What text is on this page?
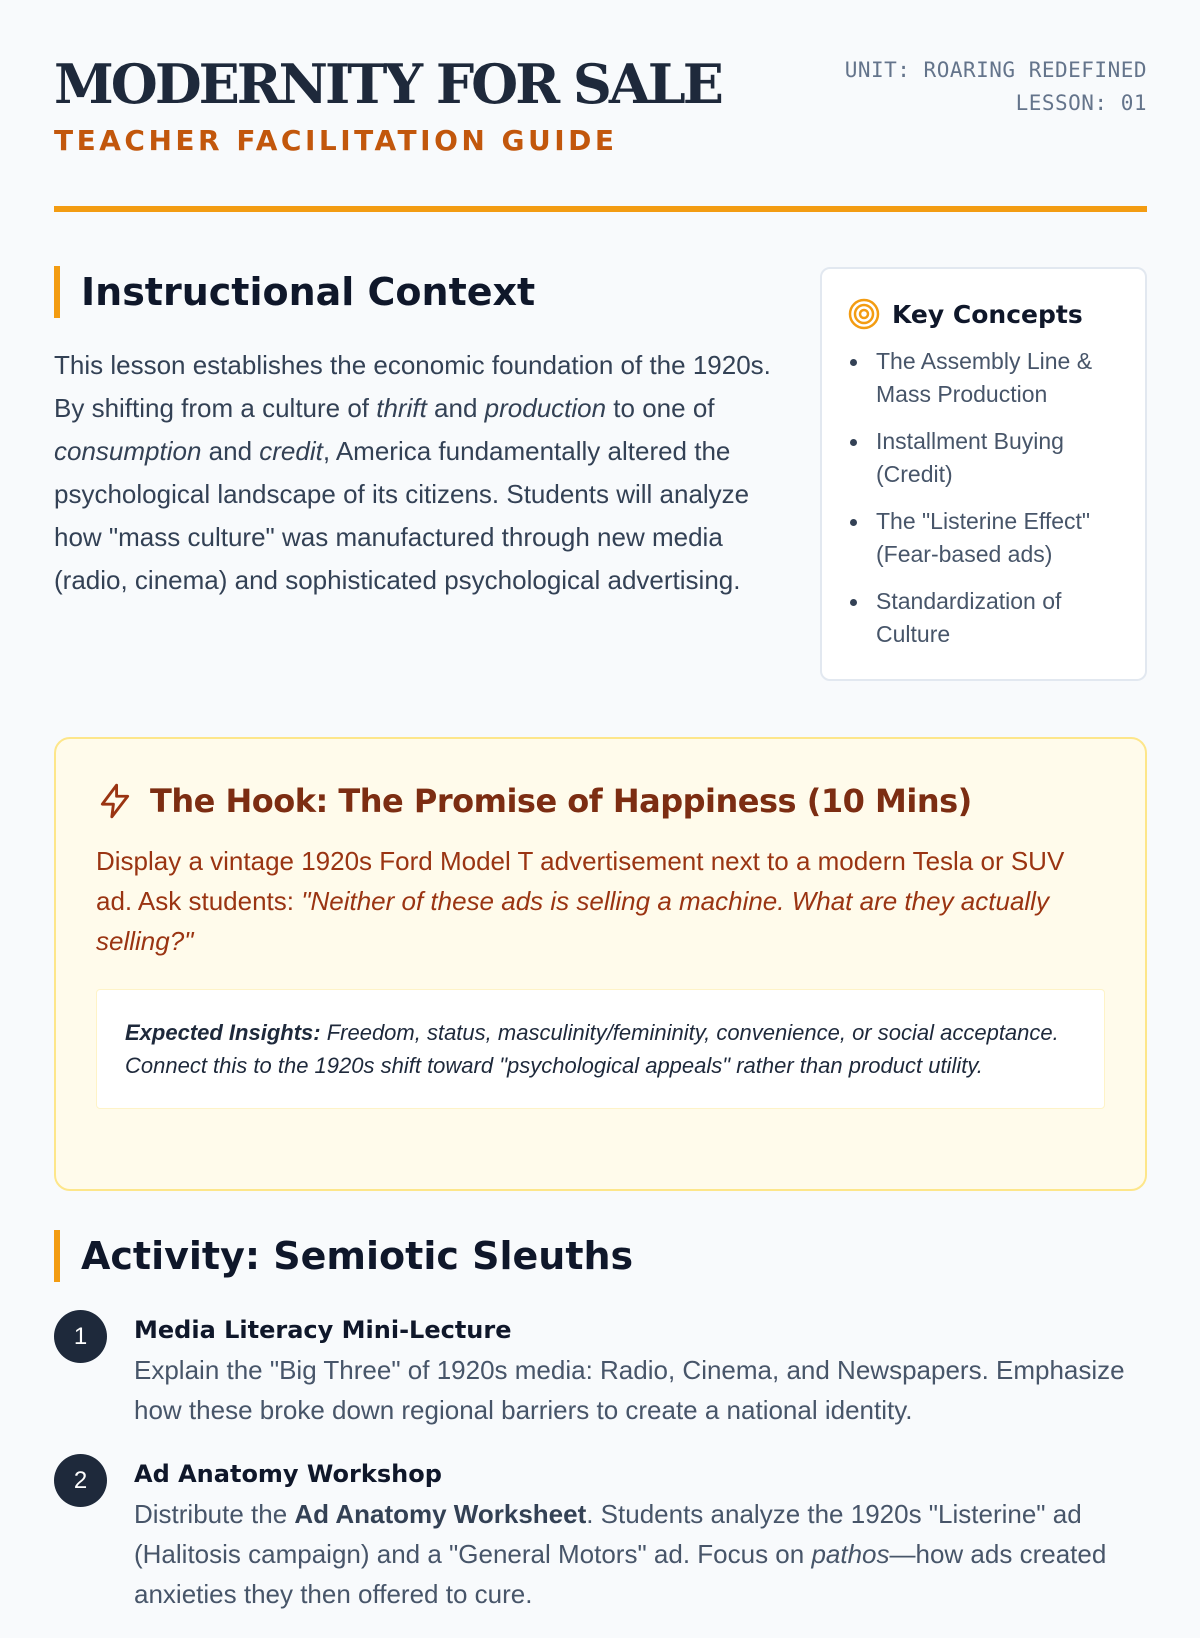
MODERNITY FOR SALE
TEACHER FACILITATION GUIDE
UNIT: ROARING REDEFINED
LESSON: 01
Instructional Context

This lesson establishes the economic foundation of the 1920s. By shifting from a culture of thrift and production to one of consumption and credit, America fundamentally altered the psychological landscape of its citizens. Students will analyze how "mass culture" was manufactured through new media (radio, cinema) and sophisticated psychological advertising.

Key Concepts
The Assembly Line & Mass Production
Installment Buying (Credit)
The "Listerine Effect" (Fear-based ads)
Standardization of Culture
The Hook: The Promise of Happiness (10 Mins)

Display a vintage 1920s Ford Model T advertisement next to a modern Tesla or SUV ad. Ask students: "Neither of these ads is selling a machine. What are they actually selling?"

Expected Insights: Freedom, status, masculinity/femininity, convenience, or social acceptance. Connect this to the 1920s shift toward "psychological appeals" rather than product utility.
Activity: Semiotic Sleuths
1	Media Literacy Mini-Lecture

Explain the "Big Three" of 1920s media: Radio, Cinema, and Newspapers. Emphasize how these broke down regional barriers to create a national identity.

2	Ad Anatomy Workshop

Distribute the Ad Anatomy Worksheet. Students analyze the 1920s "Listerine" ad (Halitosis campaign) and a "General Motors" ad. Focus on pathos—how ads created anxieties they then offered to cure.
